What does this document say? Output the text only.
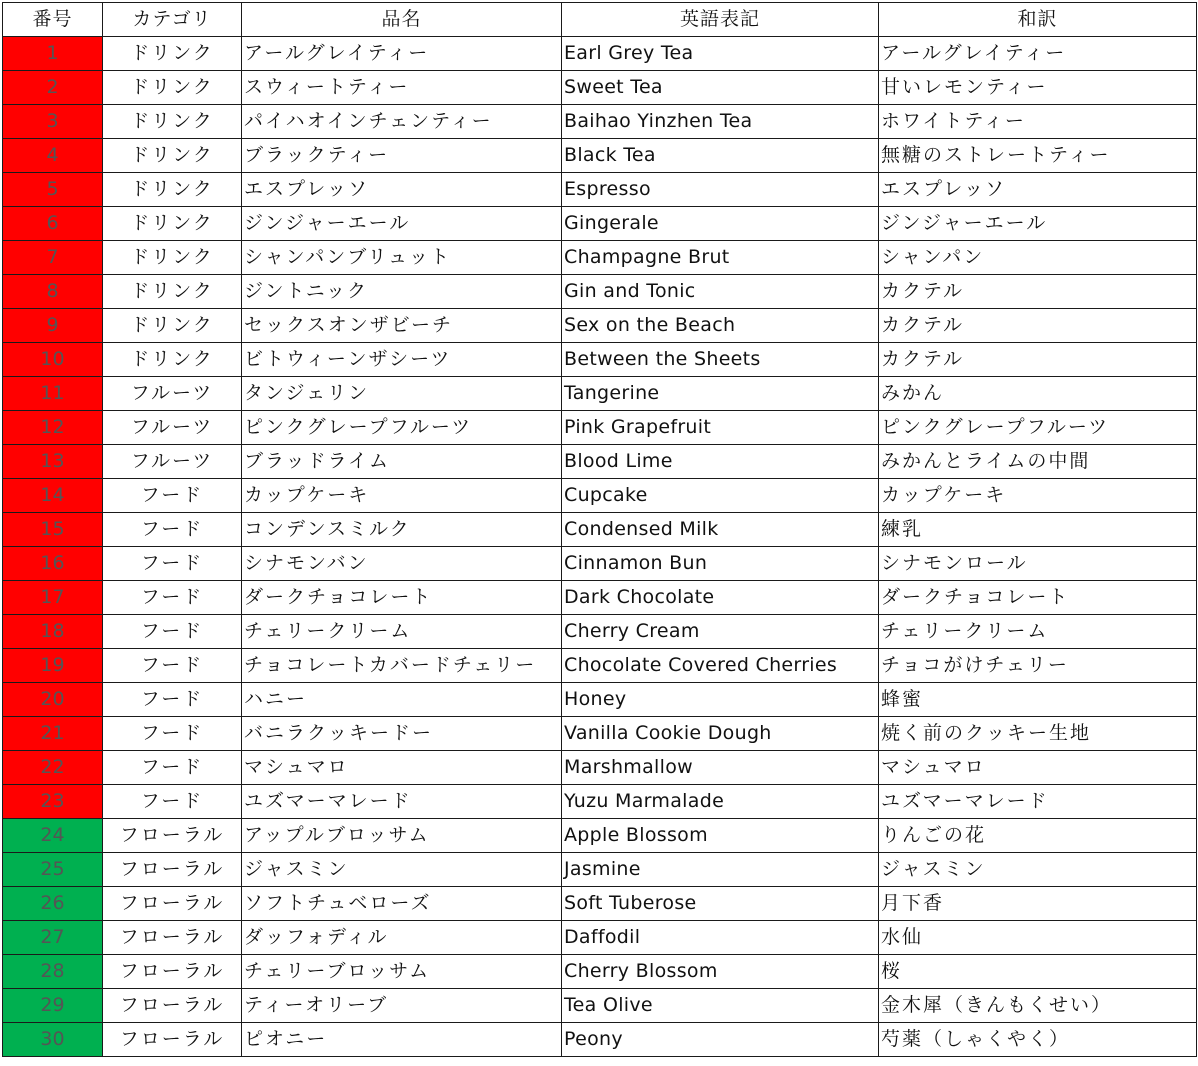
番号	カテゴリ	品名	英語表記	和訳
1	ドリンク	アールグレイティー	Earl Grey Tea	アールグレイティー
2	ドリンク	スウィートティー	Sweet Tea	甘いレモンティー
3	ドリンク	パイハオインチェンティー	Baihao Yinzhen Tea	ホワイトティー
4	ドリンク	ブラックティー	Black Tea	無糖のストレートティー
5	ドリンク	エスプレッソ	Espresso	エスプレッソ
6	ドリンク	ジンジャーエール	Gingerale	ジンジャーエール
7	ドリンク	シャンパンブリュット	Champagne Brut	シャンパン
8	ドリンク	ジントニック	Gin and Tonic	カクテル
9	ドリンク	セックスオンザビーチ	Sex on the Beach	カクテル
10	ドリンク	ビトウィーンザシーツ	Between the Sheets	カクテル
11	フルーツ	タンジェリン	Tangerine	みかん
12	フルーツ	ピンクグレープフルーツ	Pink Grapefruit	ピンクグレープフルーツ
13	フルーツ	ブラッドライム	Blood Lime	みかんとライムの中間
14	フード	カップケーキ	Cupcake	カップケーキ
15	フード	コンデンスミルク	Condensed Milk	練乳
16	フード	シナモンバン	Cinnamon Bun	シナモンロール
17	フード	ダークチョコレート	Dark Chocolate	ダークチョコレート
18	フード	チェリークリーム	Cherry Cream	チェリークリーム
19	フード	チョコレートカバードチェリー	Chocolate Covered Cherries	チョコがけチェリー
20	フード	ハニー	Honey	蜂蜜
21	フード	バニラクッキードー	Vanilla Cookie Dough	焼く前のクッキー生地
22	フード	マシュマロ	Marshmallow	マシュマロ
23	フード	ユズマーマレード	Yuzu Marmalade	ユズマーマレード
24	フローラル	アップルブロッサム	Apple Blossom	りんごの花
25	フローラル	ジャスミン	Jasmine	ジャスミン
26	フローラル	ソフトチュベローズ	Soft Tuberose	月下香
27	フローラル	ダッフォディル	Daffodil	水仙
28	フローラル	チェリーブロッサム	Cherry Blossom	桜
29	フローラル	ティーオリーブ	Tea Olive	金木犀（きんもくせい）
30	フローラル	ピオニー	Peony	芍薬（しゃくやく）
